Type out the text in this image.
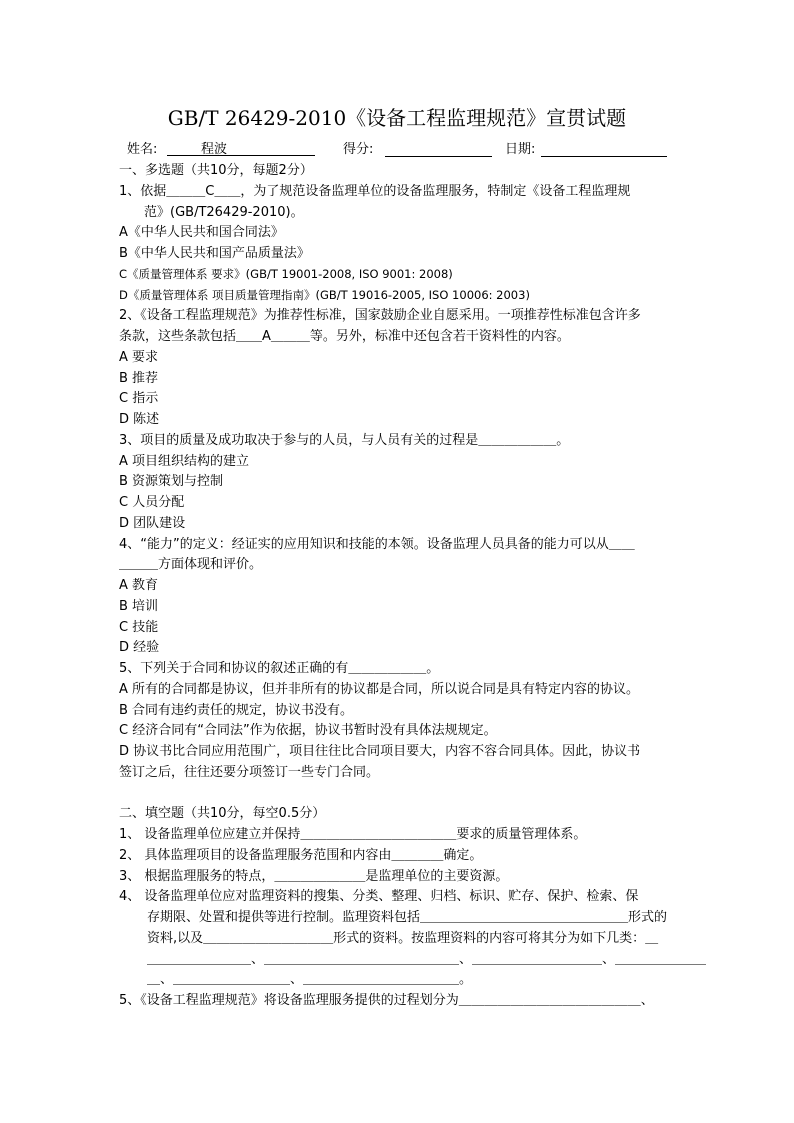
GB/T 26429-2010《设备工程监理规范》宣贯试题
姓名:	程波	得分:	日期:
一、多选题（共10分，每题2分）
1、依据＿＿＿C＿＿，为了规范设备监理单位的设备监理服务，特制定《设备工程监理规
范》(GB/T26429-2010)。
A《中华人民共和国合同法》
B《中华人民共和国产品质量法》
C《质量管理体系 要求》(GB/T 19001-2008, ISO 9001: 2008)
D《质量管理体系 项目质量管理指南》(GB/T 19016-2005, ISO 10006: 2003)
2、《设备工程监理规范》为推荐性标准，国家鼓励企业自愿采用。一项推荐性标准包含许多
条款，这些条款包括＿＿A＿＿＿等。另外，标准中还包含若干资料性的内容。
A 要求
B 推荐
C 指示
D 陈述
3、项目的质量及成功取决于参与的人员，与人员有关的过程是＿＿＿＿＿＿。
A 项目组织结构的建立
B 资源策划与控制
C 人员分配
D 团队建设
4、“能力”的定义：经证实的应用知识和技能的本领。设备监理人员具备的能力可以从＿＿
＿＿＿方面体现和评价。
A 教育
B 培训
C 技能
D 经验
5、下列关于合同和协议的叙述正确的有＿＿＿＿＿＿。
A 所有的合同都是协议，但并非所有的协议都是合同，所以说合同是具有特定内容的协议。
B 合同有违约责任的规定，协议书没有。
C 经济合同有“合同法”作为依据，协议书暂时没有具体法规规定。
D 协议书比合同应用范围广，项目往往比合同项目要大，内容不容合同具体。因此，协议书
签订之后，往往还要分项签订一些专门合同。
二、填空题（共10分，每空0.5分）
1、 设备监理单位应建立并保持＿＿＿＿＿＿＿＿＿＿＿＿要求的质量管理体系。
2、 具体监理项目的设备监理服务范围和内容由＿＿＿＿确定。
3、 根据监理服务的特点，＿＿＿＿＿＿＿是监理单位的主要资源。
4、 设备监理单位应对监理资料的搜集、分类、整理、归档、标识、贮存、保护、检索、保
存期限、处置和提供等进行控制。监理资料包括＿＿＿＿＿＿＿＿＿＿＿＿＿＿＿＿形式的
资料,以及＿＿＿＿＿＿＿＿＿＿形式的资料。按监理资料的内容可将其分为如下几类：＿
＿＿＿＿＿＿＿＿、＿＿＿＿＿＿＿＿＿＿＿＿＿＿＿、＿＿＿＿＿＿＿＿＿＿、＿＿＿＿＿＿＿
＿、＿＿＿＿＿＿＿＿＿、＿＿＿＿＿＿＿＿＿＿＿＿。
5、《设备工程监理规范》将设备监理服务提供的过程划分为＿＿＿＿＿＿＿＿＿＿＿＿＿＿、
